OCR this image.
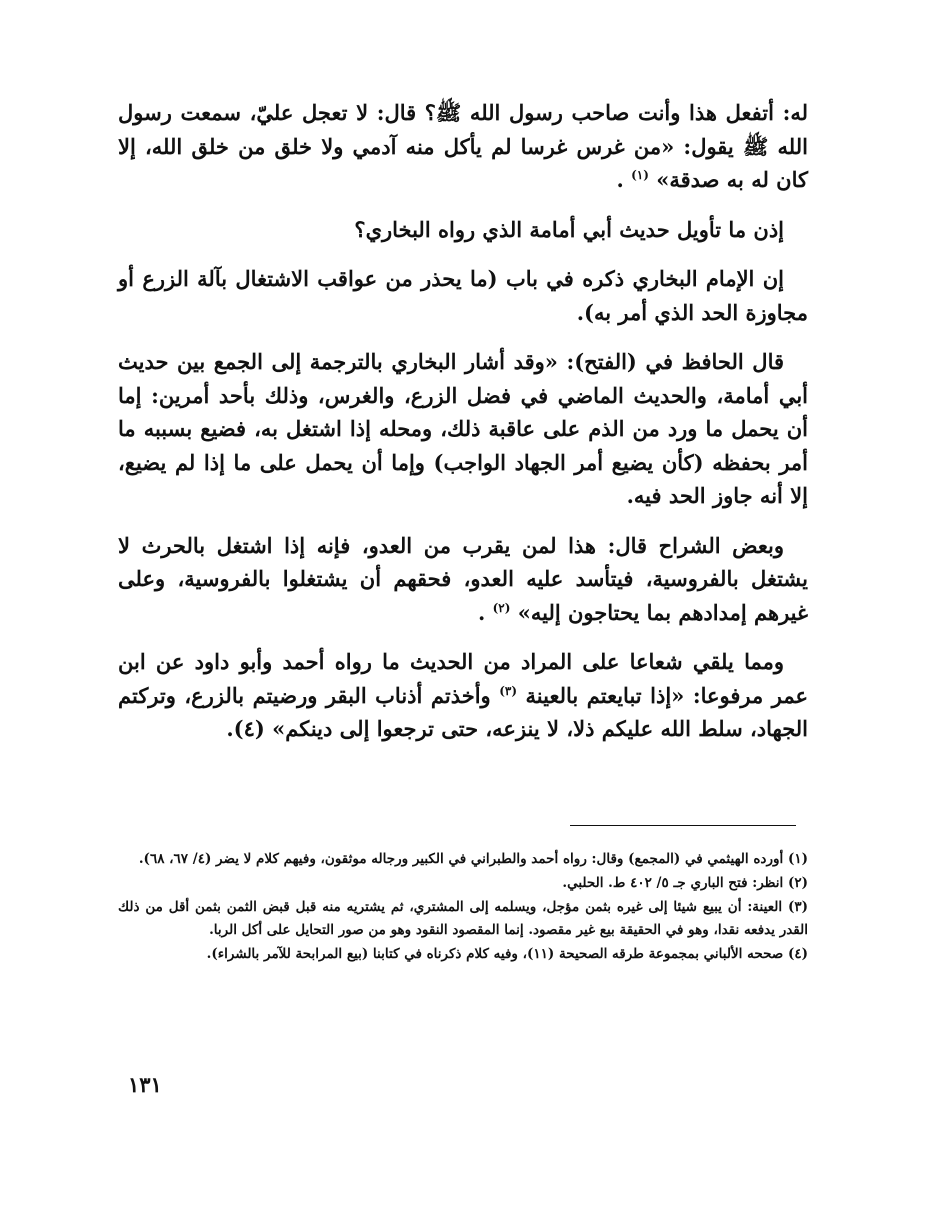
له: أتفعل هذا وأنت صاحب رسول الله ﷺ؟ قال: لا تعجل عليّ، سمعت رسول الله ﷺ يقول: «من غرس غرسا لم يأكل منه آدمي ولا خلق من خلق الله، إلا كان له به صدقة» $^{(١)}$ .

إذن ما تأويل حديث أبي أمامة الذي رواه البخاري؟

إن الإمام البخاري ذكره في باب (ما يحذر من عواقب الاشتغال بآلة الزرع أو مجاوزة الحد الذي أمر به).

قال الحافظ في (الفتح): «وقد أشار البخاري بالترجمة إلى الجمع بين حديث أبي أمامة، والحديث الماضي في فضل الزرع، والغرس، وذلك بأحد أمرين: إما أن يحمل ما ورد من الذم على عاقبة ذلك، ومحله إذا اشتغل به، فضيع بسببه ما أمر بحفظه (كأن يضيع أمر الجهاد الواجب) وإما أن يحمل على ما إذا لم يضيع، إلا أنه جاوز الحد فيه.

وبعض الشراح قال: هذا لمن يقرب من العدو، فإنه إذا اشتغل بالحرث لا يشتغل بالفروسية، فيتأسد عليه العدو، فحقهم أن يشتغلوا بالفروسية، وعلى غيرهم إمدادهم بما يحتاجون إليه» $^{(٢)}$ .

ومما يلقي شعاعا على المراد من الحديث ما رواه أحمد وأبو داود عن ابن عمر مرفوعا: «إذا تبايعتم بالعينة $^{(٣)}$ وأخذتم أذناب البقر ورضيتم بالزرع، وتركتم الجهاد، سلط الله عليكم ذلا، لا ينزعه، حتى ترجعوا إلى دينكم» (٤).

(١) أورده الهيثمي في (المجمع) وقال: رواه أحمد والطبراني في الكبير ورجاله موثقون، وفيهم كلام لا يضر (٤/ ٦٧، ٦٨).
(٢) انظر: فتح الباري جـ ٥/ ٤٠٢ ط. الحلبي.
(٣) العينة: أن يبيع شيئا إلى غيره بثمن مؤجل، ويسلمه إلى المشتري، ثم يشتريه منه قبل قبض الثمن بثمن أقل من ذلك القدر يدفعه نقدا، وهو في الحقيقة بيع غير مقصود. إنما المقصود النقود وهو من صور التحايل على أكل الربا.
(٤) صححه الألباني بمجموعة طرقه الصحيحة (١١)، وفيه كلام ذكرناه في كتابنا (بيع المرابحة للآمر بالشراء).
١٣١
